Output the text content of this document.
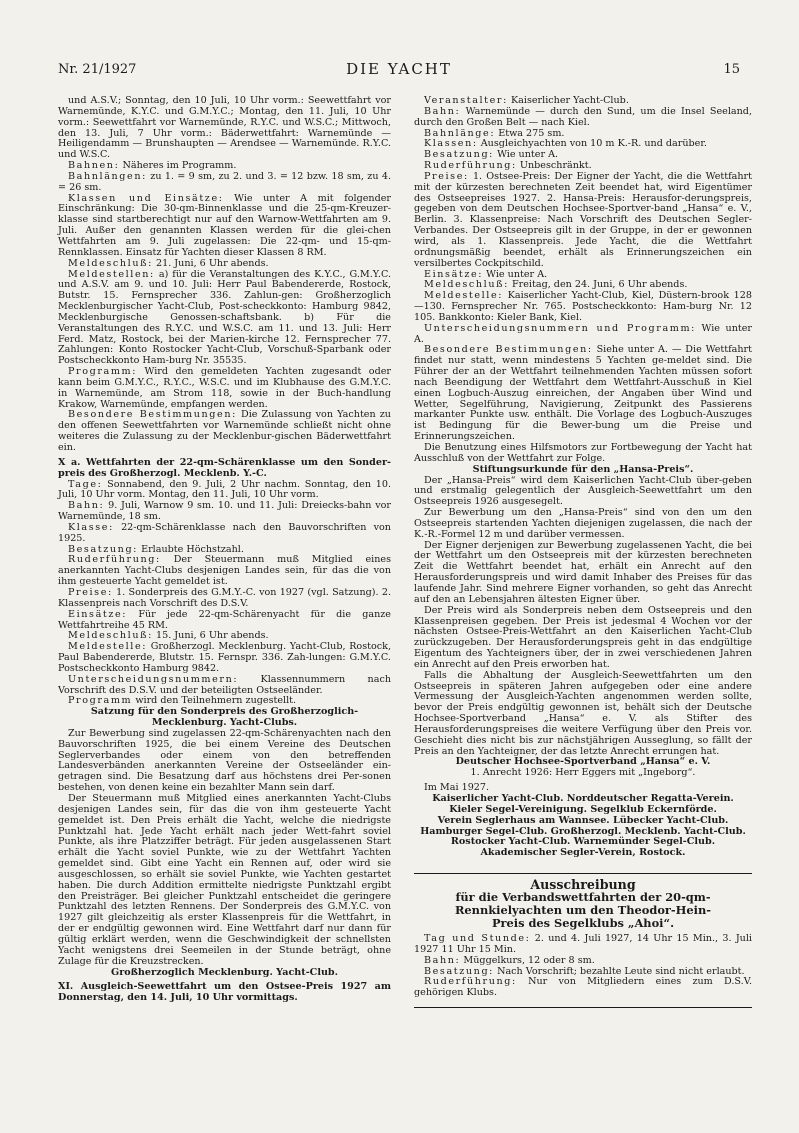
Nr. 21/1927	DIE YACHT	15

und A.S.V.; Sonntag, den 10 Juli, 10 Uhr vorm.: Seewettfahrt vor Warnemünde, K.Y.C. und G.M.Y.C.; Montag, den 11. Juli, 10 Uhr vorm.: Seewettfahrt vor Warnemünde, R.Y.C. und W.S.C.; Mittwoch, den 13. Juli, 7 Uhr vorm.: Bäderwettfahrt: Warnemünde — Heiligendamm — Brunshaupten — Arendsee — Warnemünde. R.Y.C. und W.S.C.

Bahnen: Näheres im Programm.

Bahnlängen: zu 1. = 9 sm, zu 2. und 3. = 12 bzw. 18 sm, zu 4. = 26 sm.

Klassen und Einsätze: Wie unter A mit folgender Einschränkung: Die 30-qm-Binnenklasse und die 25-qm-Kreuzer-klasse sind startberechtigt nur auf den Warnow-Wettfahrten am 9. Juli. Außer den genannten Klassen werden für die glei-chen Wettfahrten am 9. Juli zugelassen: Die 22-qm- und 15-qm-Rennklassen. Einsatz für Yachten dieser Klassen 8 RM.

Meldeschluß: 21. Juni, 6 Uhr abends.

Meldestellen: a) für die Veranstaltungen des K.Y.C., G.M.Y.C. und A.S.V. am 9. und 10. Juli: Herr Paul Babendererde, Rostock, Butstr. 15. Fernsprecher 336. Zahlun-gen: Großherzoglich Mecklenburgischer Yacht-Club, Post-scheckkonto: Hamburg 9842, Mecklenburgische Genossen-schaftsbank. b) Für die Veranstaltungen des R.Y.C. und W.S.C. am 11. und 13. Juli: Herr Ferd. Matz, Rostock, bei der Marien-kirche 12. Fernsprecher 77. Zahlungen: Konto Rostocker Yacht-Club, Vorschuß-Sparbank oder Postscheckkonto Ham-burg Nr. 35535.

Programm: Wird den gemeldeten Yachten zugesandt oder kann beim G.M.Y.C., R.Y.C., W.S.C. und im Klubhause des G.M.Y.C. in Warnemünde, am Strom 118, sowie in der Buch-handlung Krakow, Warnemünde, empfangen werden.

Besondere Bestimmungen: Die Zulassung von Yachten zu den offenen Seewettfahrten vor Warnemünde schließt nicht ohne weiteres die Zulassung zu der Mecklenbur-gischen Bäderwettfahrt ein.

X a. Wettfahrten der 22-qm-Schärenklasse um den Sonder-preis des Großherzogl. Mecklenb. Y.-C.

Tage: Sonnabend, den 9. Juli, 2 Uhr nachm. Sonntag, den 10. Juli, 10 Uhr vorm. Montag, den 11. Juli, 10 Uhr vorm.

Bahn: 9. Juli, Warnow 9 sm. 10. und 11. Juli: Dreiecks-bahn vor Warnemünde, 18 sm.

Klasse: 22-qm-Schärenklasse nach den Bauvorschriften von 1925.

Besatzung: Erlaubte Höchstzahl.

Ruderführung: Der Steuermann muß Mitglied eines anerkannten Yacht-Clubs desjenigen Landes sein, für das die von ihm gesteuerte Yacht gemeldet ist.

Preise: 1. Sonderpreis des G.M.Y.-C. von 1927 (vgl. Satzung). 2. Klassenpreis nach Vorschrift des D.S.V.

Einsätze: Für jede 22-qm-Schärenyacht für die ganze Wettfahrtreihe 45 RM.

Meldeschluß: 15. Juni, 6 Uhr abends.

Meldestelle: Großherzogl. Mecklenburg. Yacht-Club, Rostock, Paul Babendererde, Blutstr. 15. Fernspr. 336. Zah-lungen: G.M.Y.C. Postscheckkonto Hamburg 9842.

Unterscheidungsnummern: Klassennummern nach Vorschrift des D.S.V. und der beteiligten Ostseeländer.

Programm wird den Teilnehmern zugestellt.

Satzung für den Sonderpreis des Großherzoglich-Mecklenburg. Yacht-Clubs.

Zur Bewerbung sind zugelassen 22-qm-Schärenyachten nach den Bauvorschriften 1925, die bei einem Vereine des Deutschen Seglerverbandes oder einem von den betreffenden Landesverbänden anerkannten Vereine der Ostseeländer ein-getragen sind. Die Besatzung darf aus höchstens drei Per-sonen bestehen, von denen keine ein bezahlter Mann sein darf.

Der Steuermann muß Mitglied eines anerkannten Yacht-Clubs desjenigen Landes sein, für das die von ihm gesteuerte Yacht gemeldet ist. Den Preis erhält die Yacht, welche die niedrigste Punktzahl hat. Jede Yacht erhält nach jeder Wett-fahrt soviel Punkte, als ihre Platzziffer beträgt. Für jeden ausgelassenen Start erhält die Yacht soviel Punkte, wie zu der Wettfahrt Yachten gemeldet sind. Gibt eine Yacht ein Rennen auf, oder wird sie ausgeschlossen, so erhält sie soviel Punkte, wie Yachten gestartet haben. Die durch Addition ermittelte niedrigste Punktzahl ergibt den Preisträger. Bei gleicher Punktzahl entscheidet die geringere Punktzahl des letzten Rennens. Der Sonderpreis des G.M.Y.C. von 1927 gilt gleichzeitig als erster Klassenpreis für die Wettfahrt, in der er endgültig gewonnen wird. Eine Wettfahrt darf nur dann für gültig erklärt werden, wenn die Geschwindigkeit der schnellsten Yacht wenigstens drei Seemeilen in der Stunde beträgt, ohne Zulage für die Kreuzstrecken.

Großherzoglich Mecklenburg. Yacht-Club.

XI. Ausgleich-Seewettfahrt um den Ostsee-Preis 1927 am Donnerstag, den 14. Juli, 10 Uhr vormittags.

Veranstalter: Kaiserlicher Yacht-Club.

Bahn: Warnemünde — durch den Sund, um die Insel Seeland, durch den Großen Belt — nach Kiel.

Bahnlänge: Etwa 275 sm.

Klassen: Ausgleichyachten von 10 m K.-R. und darüber.

Besatzung: Wie unter A.

Ruderführung: Unbeschränkt.

Preise: 1. Ostsee-Preis: Der Eigner der Yacht, die die Wettfahrt mit der kürzesten berechneten Zeit beendet hat, wird Eigentümer des Ostseepreises 1927. 2. Hansa-Preis: Herausfor-derungspreis, gegeben von dem Deutschen Hochsee-Sportver-band „Hansa“ e. V., Berlin. 3. Klassenpreise: Nach Vorschrift des Deutschen Segler-Verbandes. Der Ostseepreis gilt in der Gruppe, in der er gewonnen wird, als 1. Klassenpreis. Jede Yacht, die die Wettfahrt ordnungsmäßig beendet, erhält als Erinnerungszeichen ein versilbertes Cockpitschild.

Einsätze: Wie unter A.

Meldeschluß: Freitag, den 24. Juni, 6 Uhr abends.

Meldestelle: Kaiserlicher Yacht-Club, Kiel, Düstern-brook 128—130. Fernsprecher Nr. 765. Postscheckkonto: Ham-burg Nr. 12 105. Bankkonto: Kieler Bank, Kiel.

Unterscheidungsnummern und Programm: Wie unter A.

Besondere Bestimmungen: Siehe unter A. — Die Wettfahrt findet nur statt, wenn mindestens 5 Yachten ge-meldet sind. Die Führer der an der Wettfahrt teilnehmenden Yachten müssen sofort nach Beendigung der Wettfahrt dem Wettfahrt-Ausschuß in Kiel einen Logbuch-Auszug einreichen, der Angaben über Wind und Wetter, Segelführung, Navigierung, Zeitpunkt des Passierens markanter Punkte usw. enthält. Die Vorlage des Logbuch-Auszuges ist Bedingung für die Bewer-bung um die Preise und Erinnerungszeichen.

Die Benutzung eines Hilfsmotors zur Fortbewegung der Yacht hat Ausschluß von der Wettfahrt zur Folge.

Stiftungsurkunde für den „Hansa-Preis“.

Der „Hansa-Preis“ wird dem Kaiserlichen Yacht-Club über-geben und erstmalig gelegentlich der Ausgleich-Seewettfahrt um den Ostseepreis 1926 ausgesegelt.

Zur Bewerbung um den „Hansa-Preis“ sind von den um den Ostseepreis startenden Yachten diejenigen zugelassen, die nach der K.-R.-Formel 12 m und darüber vermessen.

Der Eigner derjenigen zur Bewerbung zugelassenen Yacht, die bei der Wettfahrt um den Ostseepreis mit der kürzesten berechneten Zeit die Wettfahrt beendet hat, erhält ein Anrecht auf den Herausforderungspreis und wird damit Inhaber des Preises für das laufende Jahr. Sind mehrere Eigner vorhanden, so geht das Anrecht auf den an Lebensjahren ältesten Eigner über.

Der Preis wird als Sonderpreis neben dem Ostseepreis und den Klassenpreisen gegeben. Der Preis ist jedesmal 4 Wochen vor der nächsten Ostsee-Preis-Wettfahrt an den Kaiserlichen Yacht-Club zurückzugeben. Der Herausforderungspreis geht in das endgültige Eigentum des Yachteigners über, der in zwei verschiedenen Jahren ein Anrecht auf den Preis erworben hat.

Falls die Abhaltung der Ausgleich-Seewettfahrten um den Ostseepreis in späteren Jahren aufgegeben oder eine andere Vermessung der Ausgleich-Yachten angenommen werden sollte, bevor der Preis endgültig gewonnen ist, behält sich der Deutsche Hochsee-Sportverband „Hansa“ e. V. als Stifter des Herausforderungspreises die weitere Verfügung über den Preis vor. Geschieht dies nicht bis zur nächstjährigen Ausseglung, so fällt der Preis an den Yachteigner, der das letzte Anrecht errungen hat.

Deutscher Hochsee-Sportverband „Hansa“ e. V.

1. Anrecht 1926: Herr Eggers mit „Ingeborg“.

Im Mai 1927.

Kaiserlicher Yacht-Club. Norddeutscher Regatta-Verein.

Kieler Segel-Vereinigung. Segelklub Eckernförde.

Verein Seglerhaus am Wannsee. Lübecker Yacht-Club.

Hamburger Segel-Club. Großherzogl. Mecklenb. Yacht-Club.

Rostocker Yacht-Club. Warnemünder Segel-Club.

Akademischer Segler-Verein, Rostock.

Ausschreibung

für die Verbandswettfahrten der 20-qm-

Rennkielyachten um den Theodor-Hein-

Preis des Segelklubs „Ahoi“.

Tag und Stunde: 2. und 4. Juli 1927, 14 Uhr 15 Min., 3. Juli 1927 11 Uhr 15 Min.

Bahn: Müggelkurs, 12 oder 8 sm.

Besatzung: Nach Vorschrift; bezahlte Leute sind nicht erlaubt.

Ruderführung: Nur von Mitgliedern eines zum D.S.V. gehörigen Klubs.
